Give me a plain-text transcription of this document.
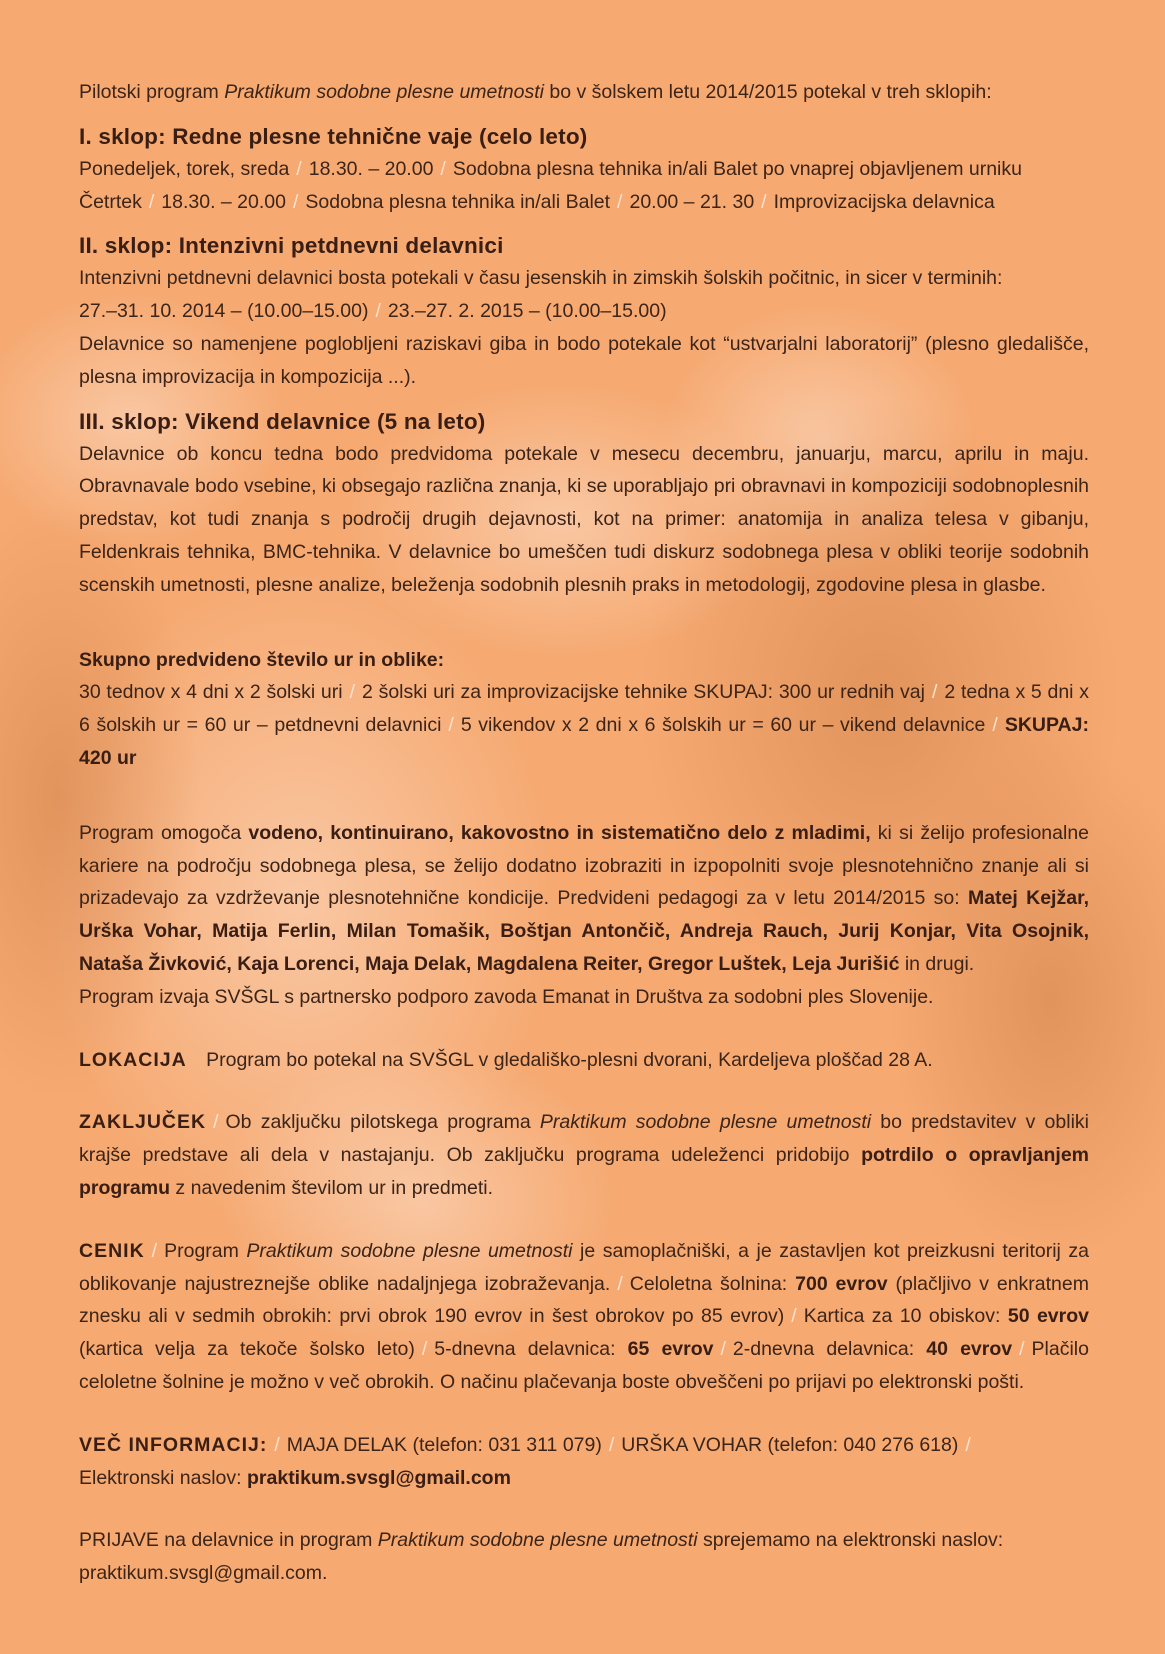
Pilotski program Praktikum sodobne plesne umetnosti bo v šolskem letu 2014/2015 potekal v treh sklopih:

I. sklop: Redne plesne tehnične vaje (celo leto)

Ponedeljek, torek, sreda / 18.30. – 20.00 / Sodobna plesna tehnika in/ali Balet po vnaprej objavljenem urniku

Četrtek / 18.30. – 20.00 / Sodobna plesna tehnika in/ali Balet / 20.00 – 21. 30 / Improvizacijska delavnica

II. sklop: Intenzivni petdnevni delavnici

Intenzivni petdnevni delavnici bosta potekali v času jesenskih in zimskih šolskih počitnic, in sicer v terminih:

27.–31. 10. 2014 – (10.00–15.00) / 23.–27. 2. 2015 – (10.00–15.00)

Delavnice so namenjene poglobljeni raziskavi giba in bodo potekale kot “ustvarjalni laboratorij” (plesno gledališče, plesna improvizacija in kompozicija ...).

III. sklop: Vikend delavnice (5 na leto)

Delavnice ob koncu tedna bodo predvidoma potekale v mesecu decembru, januarju, marcu, aprilu in maju. Obravnavale bodo vsebine, ki obsegajo različna znanja, ki se uporabljajo pri obravnavi in kompoziciji sodobnoplesnih predstav, kot tudi znanja s področij drugih dejavnosti, kot na primer: anatomija in analiza telesa v gibanju, Feldenkrais tehnika, BMC-tehnika. V delavnice bo umeščen tudi diskurz sodobnega plesa v obliki teorije sodobnih scenskih umetnosti, plesne analize, beleženja sodobnih plesnih praks in metodologij, zgodovine plesa in glasbe.

Skupno predvideno število ur in oblike:

30 tednov x 4 dni x 2 šolski uri / 2 šolski uri za improvizacijske tehnike SKUPAJ: 300 ur rednih vaj / 2 tedna x 5 dni x 6 šolskih ur = 60 ur – petdnevni delavnici / 5 vikendov x 2 dni x 6 šolskih ur = 60 ur – vikend delavnice / SKUPAJ: 420 ur

Program omogoča vodeno, kontinuirano, kakovostno in sistematično delo z mladimi, ki si želijo profesionalne kariere na področju sodobnega plesa, se želijo dodatno izobraziti in izpopolniti svoje plesnotehnično znanje ali si prizadevajo za vzdrževanje plesnotehnične kondicije. Predvideni pedagogi za v letu 2014/2015 so: Matej Kejžar, Urška Vohar, Matija Ferlin, Milan Tomašik, Boštjan Antončič, Andreja Rauch, Jurij Konjar, Vita Osojnik, Nataša Živković, Kaja Lorenci, Maja Delak, Magdalena Reiter, Gregor Luštek, Leja Jurišić in drugi.

Program izvaja SVŠGL s partnersko podporo zavoda Emanat in Društva za sodobni ples Slovenije.

LOKACIJA Program bo potekal na SVŠGL v gledališko-plesni dvorani, Kardeljeva ploščad 28 A.

ZAKLJUČEK / Ob zaključku pilotskega programa Praktikum sodobne plesne umetnosti bo predstavitev v obliki krajše predstave ali dela v nastajanju. Ob zaključku programa udeleženci pridobijo potrdilo o opravljanjem programu z navedenim številom ur in predmeti.

CENIK / Program Praktikum sodobne plesne umetnosti je samoplačniški, a je zastavljen kot preizkusni teritorij za oblikovanje najustreznejše oblike nadaljnjega izobraževanja. / Celoletna šolnina: 700 evrov (plačljivo v enkratnem znesku ali v sedmih obrokih: prvi obrok 190 evrov in šest obrokov po 85 evrov) / Kartica za 10 obiskov: 50 evrov (kartica velja za tekoče šolsko leto) / 5-dnevna delavnica: 65 evrov / 2-dnevna delavnica: 40 evrov / Plačilo celoletne šolnine je možno v več obrokih. O načinu plačevanja boste obveščeni po prijavi po elektronski pošti.

VEČ INFORMACIJ: / MAJA DELAK (telefon: 031 311 079) / URŠKA VOHAR (telefon: 040 276 618) /

Elektronski naslov: praktikum.svsgl@gmail.com

PRIJAVE na delavnice in program Praktikum sodobne plesne umetnosti sprejemamo na elektronski naslov:

praktikum.svsgl@gmail.com.
